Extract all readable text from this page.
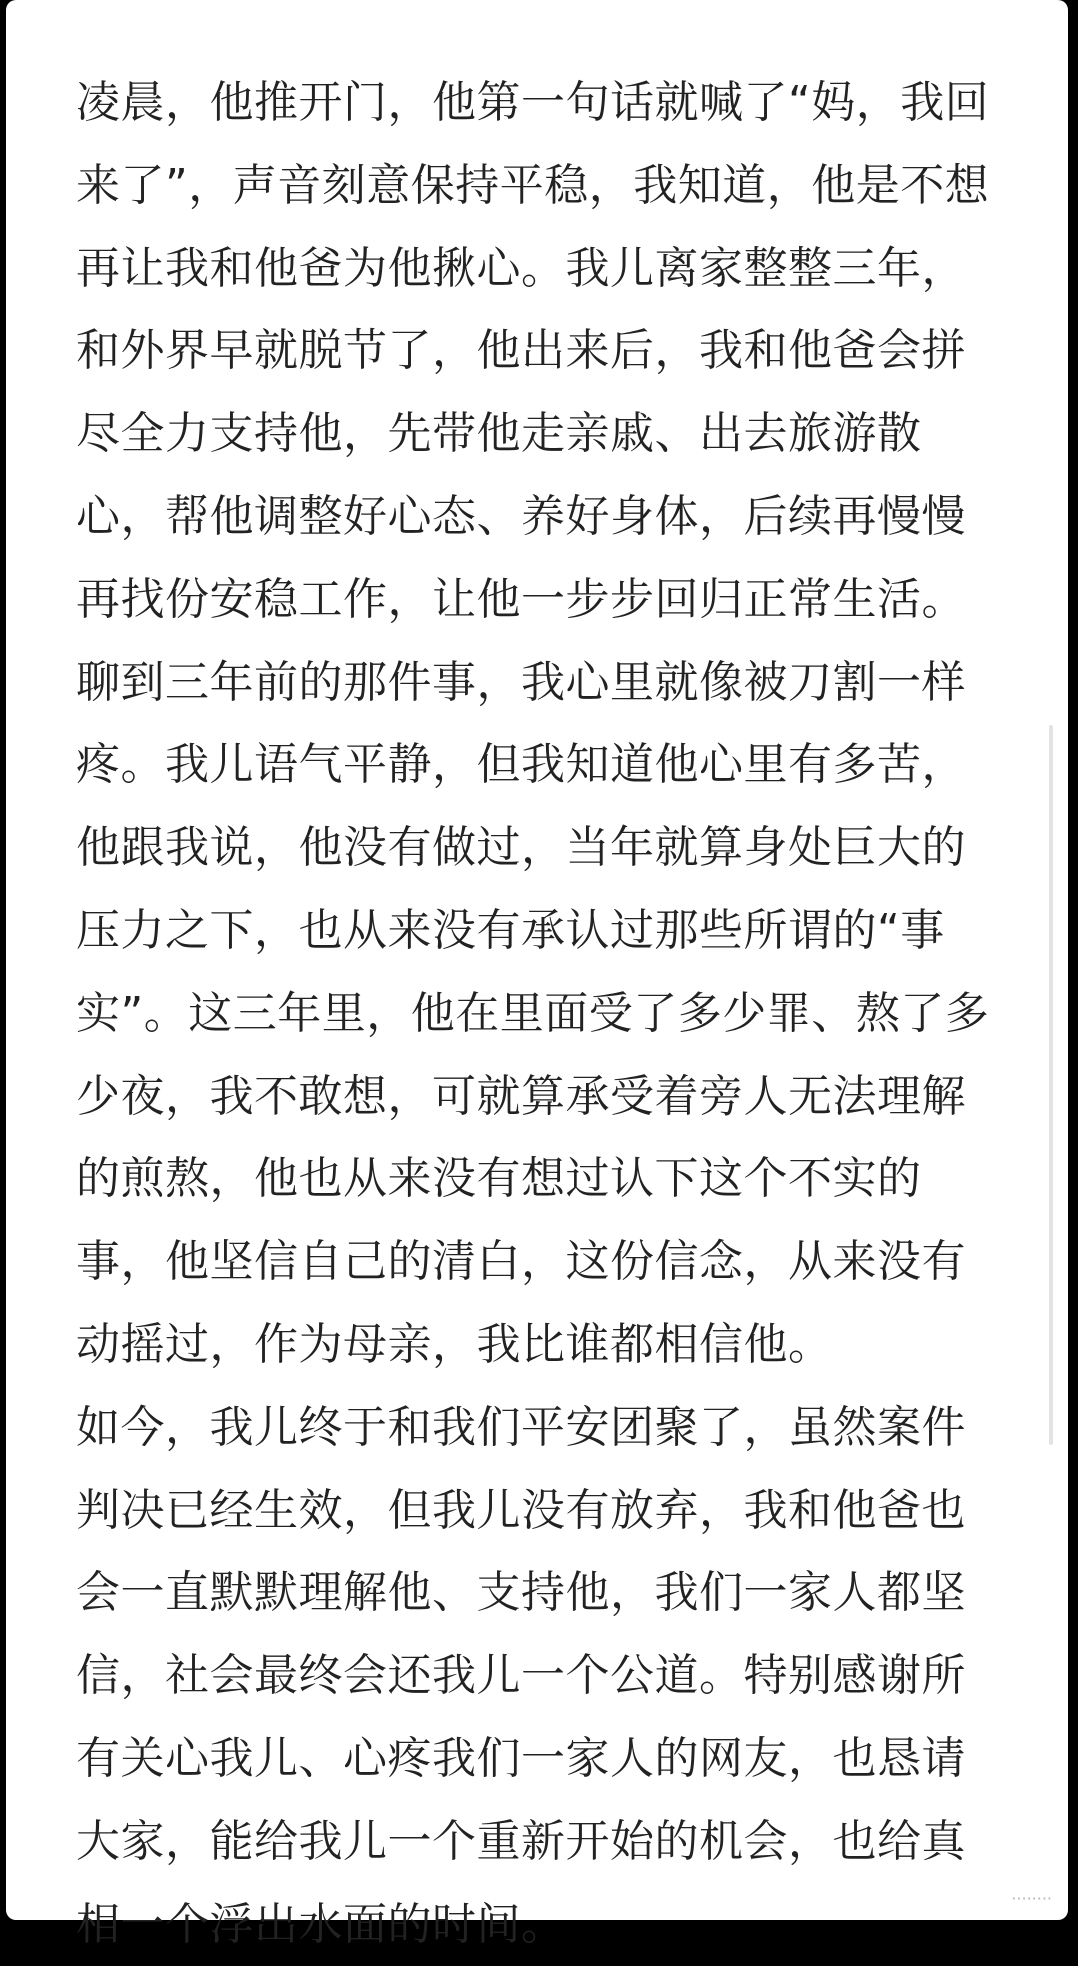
凌晨，他推开门，他第一句话就喊了“妈，我回
来了”，声音刻意保持平稳，我知道，他是不想
再让我和他爸为他揪心。我儿离家整整三年，
和外界早就脱节了，他出来后，我和他爸会拼
尽全力支持他，先带他走亲戚、出去旅游散
心，帮他调整好心态、养好身体，后续再慢慢
再找份安稳工作，让他一步步回归正常生活。
聊到三年前的那件事，我心里就像被刀割一样
疼。我儿语气平静，但我知道他心里有多苦，
他跟我说，他没有做过，当年就算身处巨大的
压力之下，也从来没有承认过那些所谓的“事
实”。这三年里，他在里面受了多少罪、熬了多
少夜，我不敢想，可就算承受着旁人无法理解
的煎熬，他也从来没有想过认下这个不实的
事，他坚信自己的清白，这份信念，从来没有
动摇过，作为母亲，我比谁都相信他。
如今，我儿终于和我们平安团聚了，虽然案件
判决已经生效，但我儿没有放弃，我和他爸也
会一直默默理解他、支持他，我们一家人都坚
信，社会最终会还我儿一个公道。特别感谢所
有关心我儿、心疼我们一家人的网友，也恳请
大家，能给我儿一个重新开始的机会，也给真
相一个浮出水面的时间。
········
